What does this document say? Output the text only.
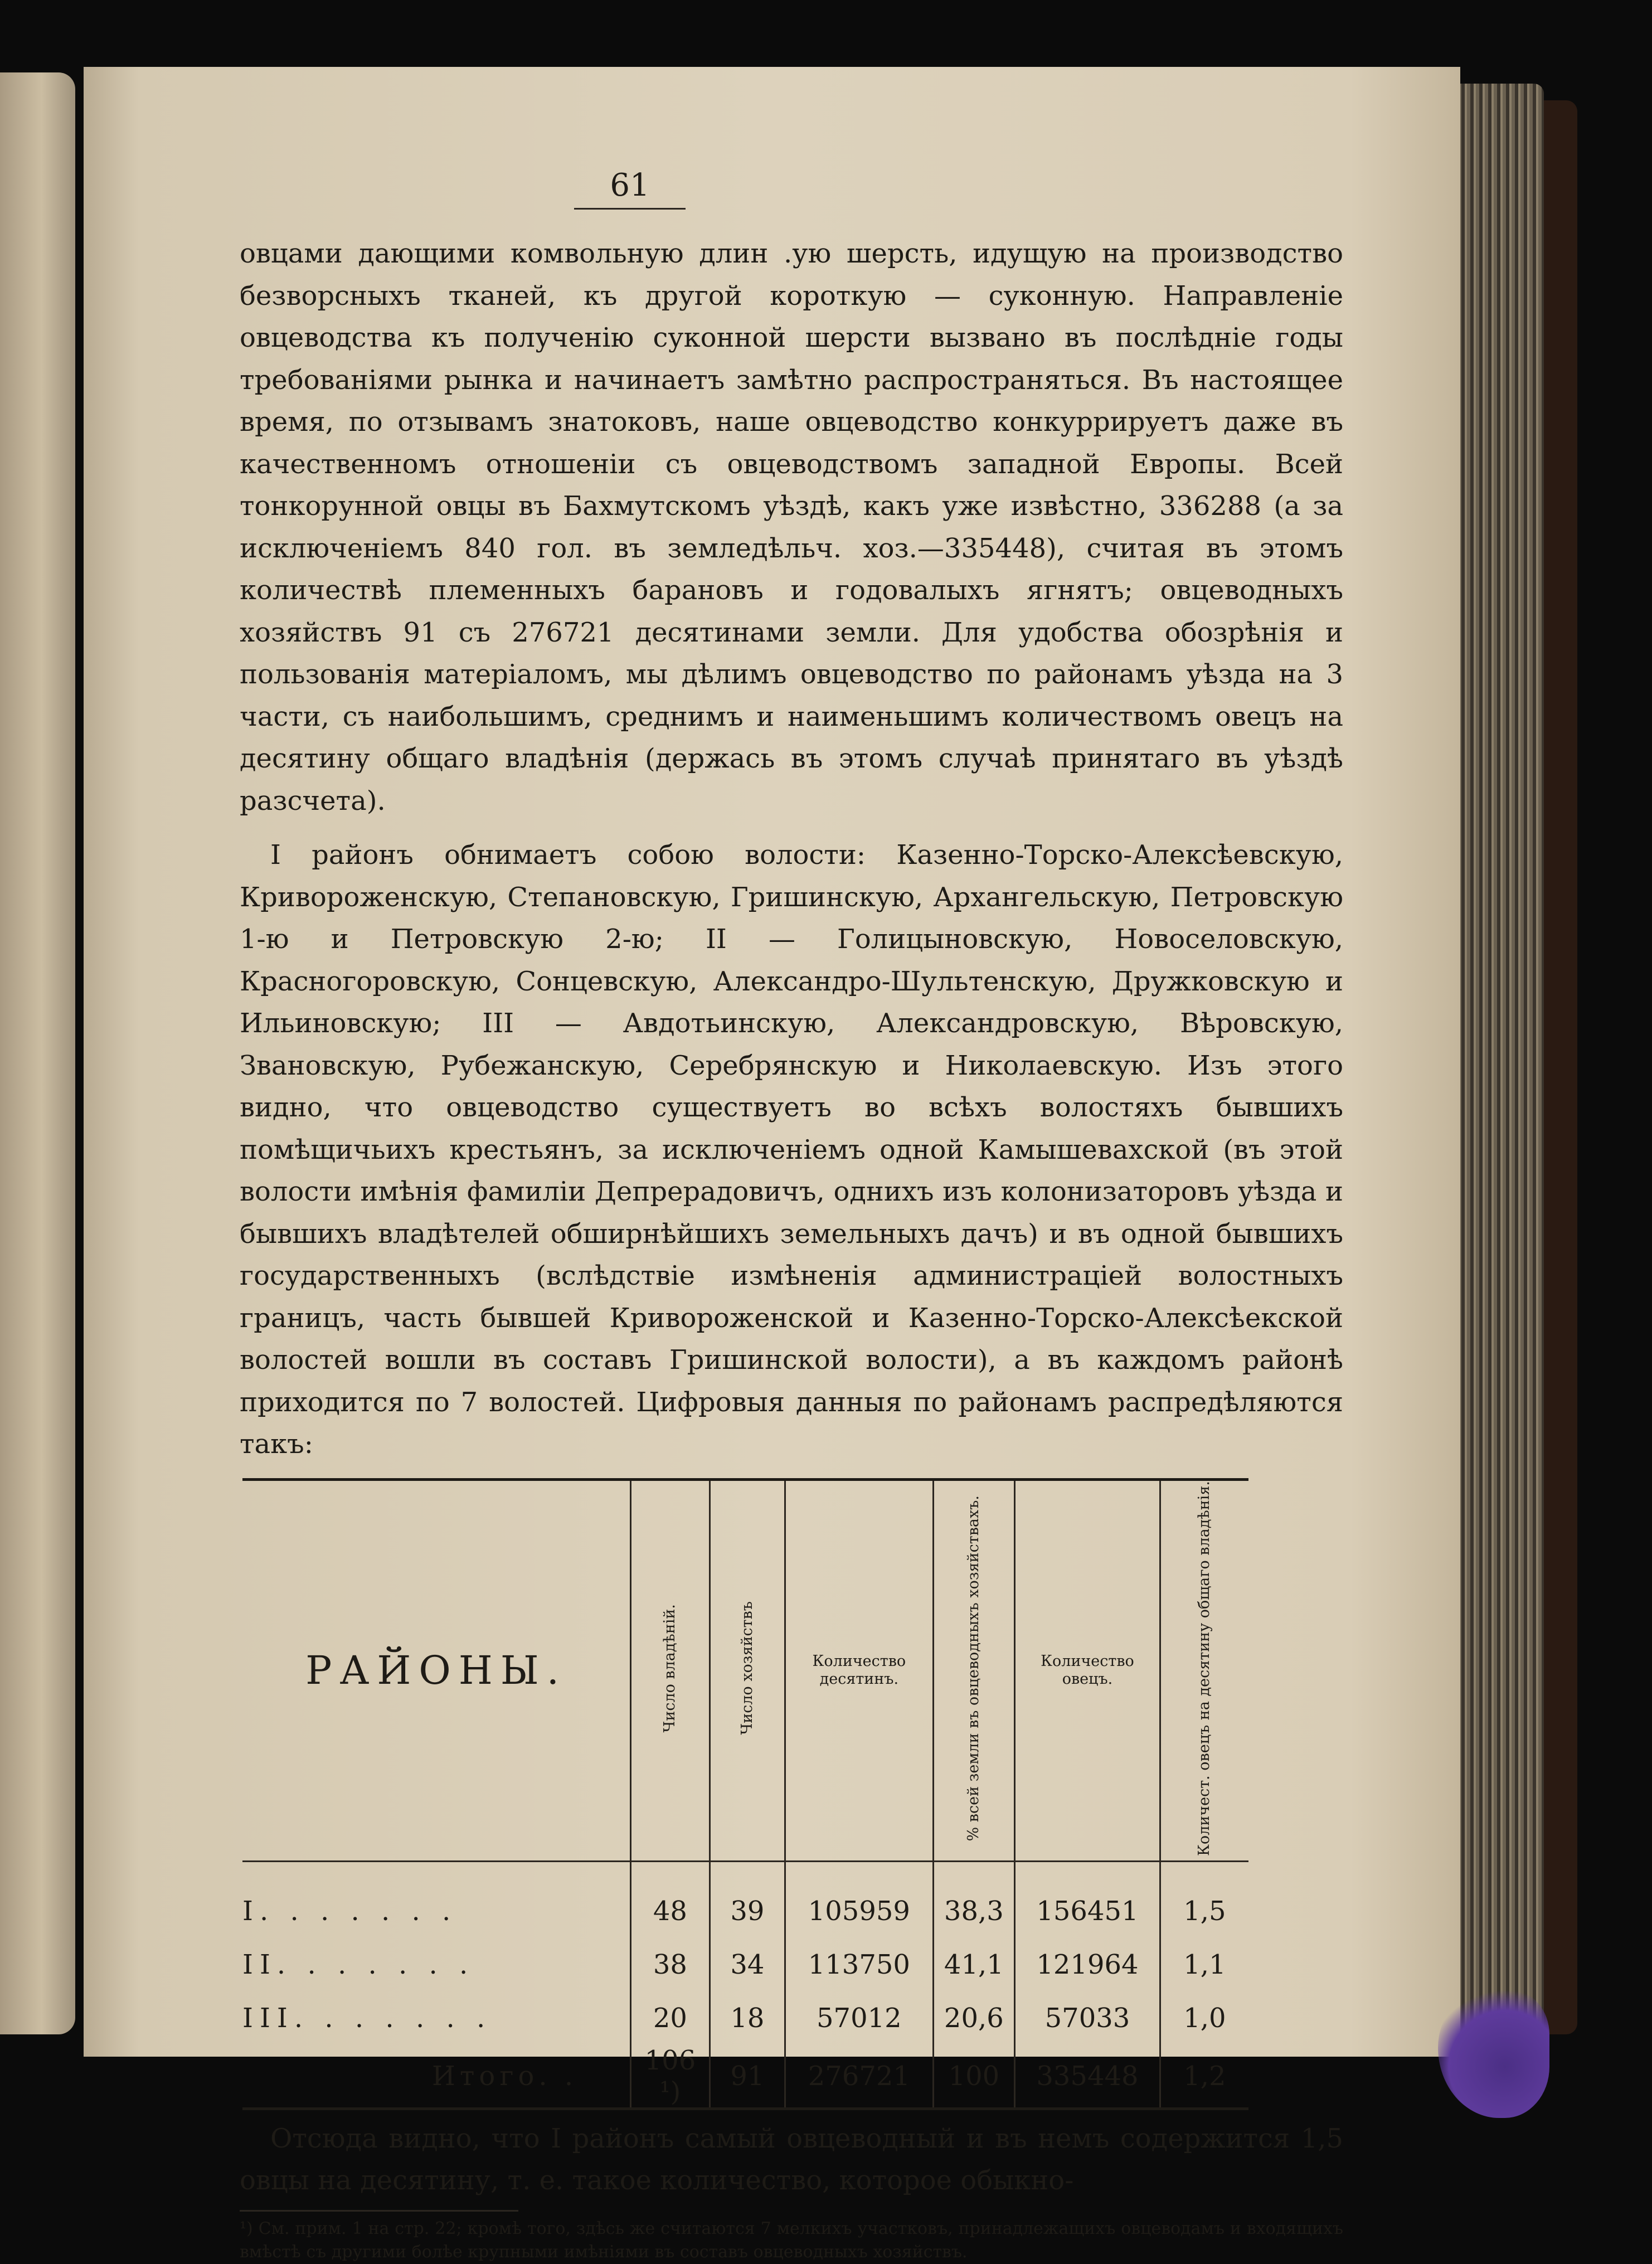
61

овцами дающими комвольную длин .ую шерсть, идущую на производство безворсныхъ тканей, къ другой короткую — суконную. Направленіе овцеводства къ полученію суконной шерсти вызвано въ послѣдніе годы требованіями рынка и начинаетъ замѣтно распространяться. Въ настоящее время, по отзывамъ знатоковъ, наше овцеводство конкуррируетъ даже въ качественномъ отношеніи съ овцеводствомъ западной Европы. Всей тонкорунной овцы въ Бахмутскомъ уѣздѣ, какъ уже извѣстно, 336288 (а за исключеніемъ 840 гол. въ земледѣльч. хоз.—335448), считая въ этомъ количествѣ племенныхъ барановъ и годовалыхъ ягнятъ; овцеводныхъ хозяйствъ 91 съ 276721 десятинами земли. Для удобства обозрѣнія и пользованія матеріаломъ, мы дѣлимъ овцеводство по районамъ уѣзда на 3 части, съ наибольшимъ, среднимъ и наименьшимъ количествомъ овецъ на десятину общаго владѣнія (держась въ этомъ случаѣ принятаго въ уѣздѣ разсчета).

I районъ обнимаетъ собою волости: Казенно-Торско-Алексѣевскую, Кривороженскую, Степановскую, Гришинскую, Архангельскую, Петровскую 1-ю и Петровскую 2-ю; II — Голицыновскую, Новоселовскую, Красногоровскую, Сонцевскую, Александро-Шультенскую, Дружковскую и Ильиновскую; III — Авдотьинскую, Александровскую, Вѣровскую, Звановскую, Рубежанскую, Серебрянскую и Николаевскую. Изъ этого видно, что овцеводство существуетъ во всѣхъ волостяхъ бывшихъ помѣщичьихъ крестьянъ, за исключеніемъ одной Камышевахской (въ этой волости имѣнія фамиліи Депрерадовичъ, однихъ изъ колонизаторовъ уѣзда и бывшихъ владѣтелей обширнѣйшихъ земельныхъ дачъ) и въ одной бывшихъ государственныхъ (вслѣдствіе измѣненія администраціей волостныхъ границъ, часть бывшей Кривороженской и Казенно-Торско-Алексѣекской волостей вошли въ составъ Гришинской волости), а въ каждомъ районѣ приходится по 7 волостей. Цифровыя данныя по районамъ распредѣляются такъ:

РАЙОНЫ.	Число владѣній.	Число хозяйствъ	Количество десятинъ.	% всей земли въ овцеводныхъ хозяйствахъ.	Количество овецъ.	Количест. овецъ на десятину общаго владѣнія.

I. . . . . . .	48	39	105959	38,3	156451	1,5
II. . . . . . .	38	34	113750	41,1	121964	1,1
III. . . . . . .	20	18	57012	20,6	57033	1,0
Итого. .	106 ¹)	91	276721	100	335448	1,2

Отсюда видно, что I районъ самый овцеводный и въ немъ содержится 1,5 овцы на десятину, т. е. такое количество, которое обыкно-

¹) См. прим. 1 на стр. 22; кромѣ того, здѣсь же считаются 7 мелкихъ участковъ, принадлежащихъ овцеводамъ и входящихъ вмѣстѣ съ другими болѣе крупными имѣніями въ составъ овцеводныхъ хозяйствъ.
